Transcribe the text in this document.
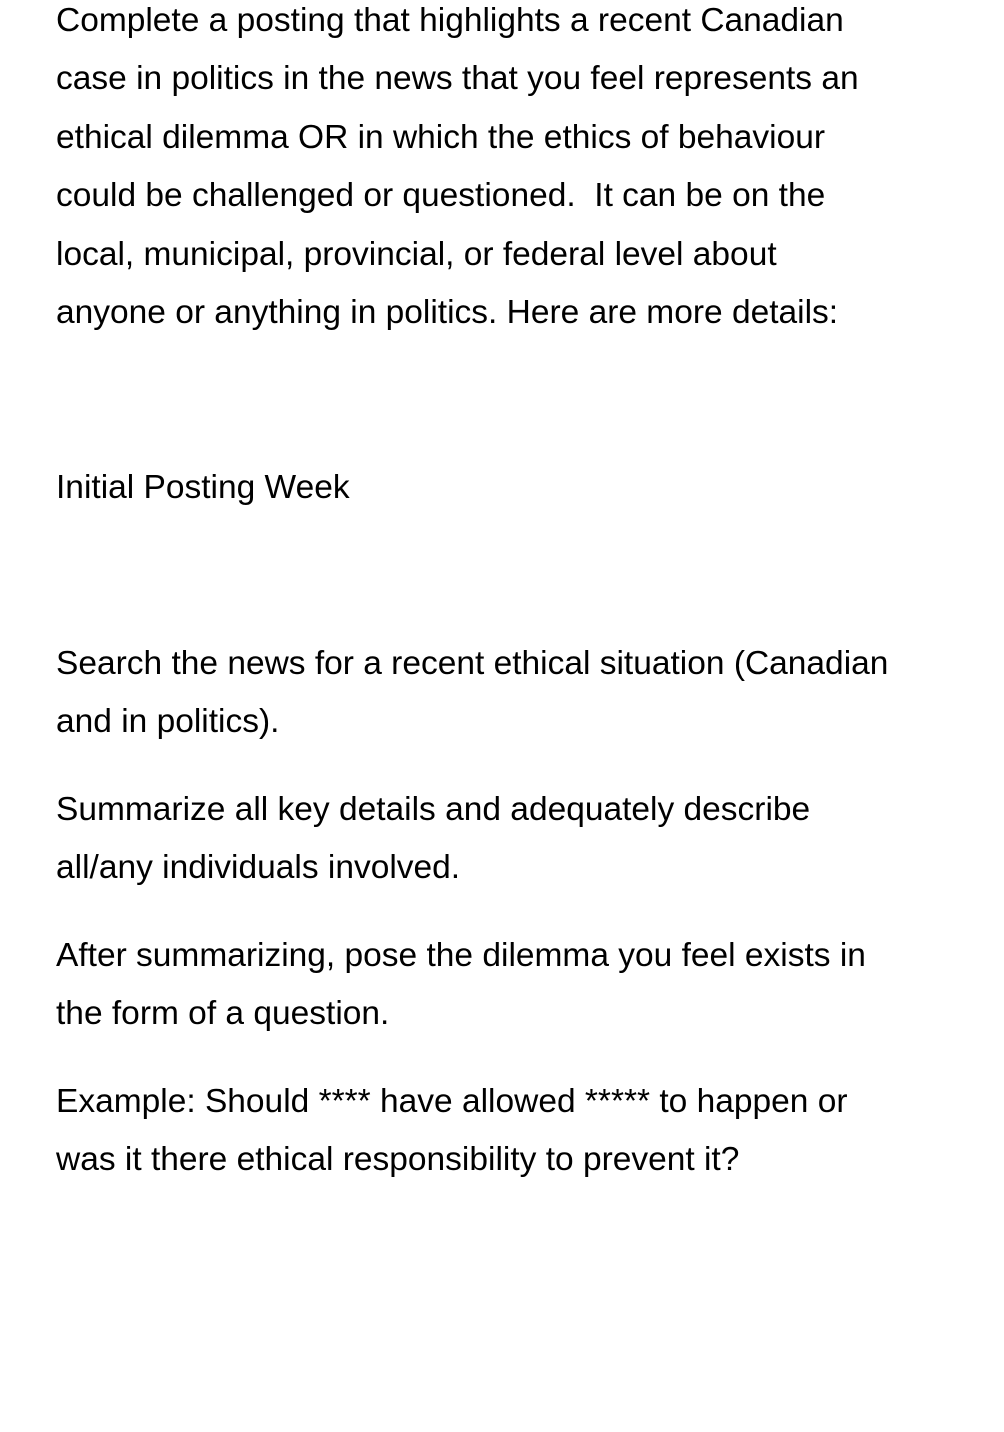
Complete a posting that highlights a recent Canadian
case in politics in the news that you feel represents an
ethical dilemma OR in which the ethics of behaviour
could be challenged or questioned.  It can be on the
local, municipal, provincial, or federal level about
anyone or anything in politics. Here are more details:

Initial Posting Week

Search the news for a recent ethical situation (Canadian
and in politics).

Summarize all key details and adequately describe
all/any individuals involved.

After summarizing, pose the dilemma you feel exists in
the form of a question.

Example: Should **** have allowed ***** to happen or
was it there ethical responsibility to prevent it?
